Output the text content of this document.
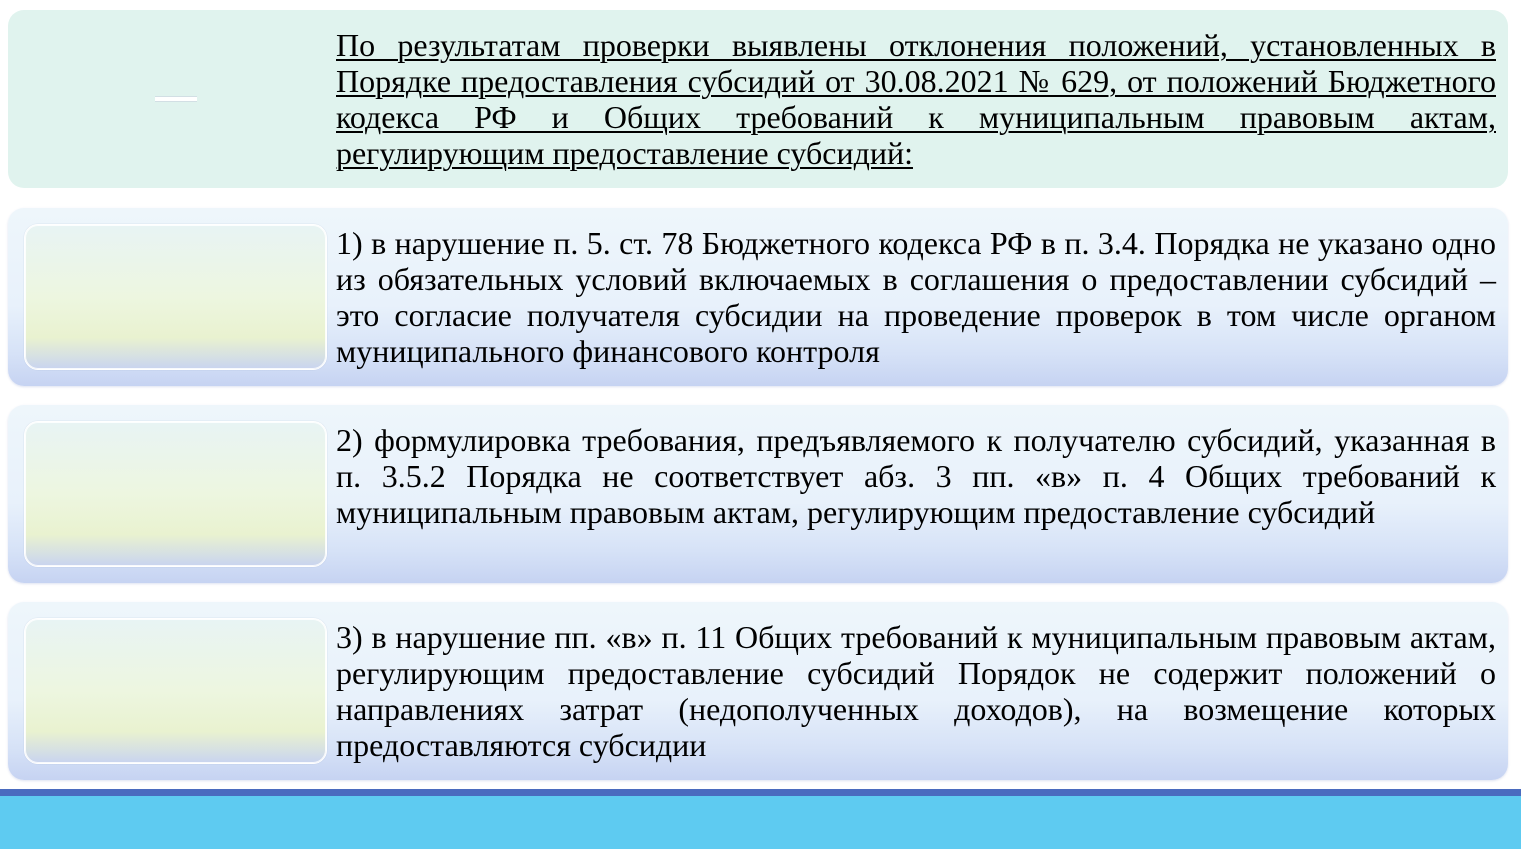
По результатам проверки выявлены отклонения положений, установленных в Порядке предоставления субсидий от 30.08.2021 № 629, от положений Бюджетного кодекса РФ и Общих требований к муниципальным правовым актам, регулирующим предоставление субсидий:
1) в нарушение п. 5. ст. 78 Бюджетного кодекса РФ в п. 3.4. Порядка не указано одно из обязательных условий включаемых в соглашения о предоставлении субсидий – это согласие получателя субсидии на проведение проверок в том числе органом муниципального финансового контроля
2) формулировка требования, предъявляемого к получателю субсидий, указанная в п. 3.5.2 Порядка не соответствует абз. 3 пп. «в» п. 4 Общих требований к муниципальным правовым актам, регулирующим предоставление субсидий
3) в нарушение пп. «в» п. 11 Общих требований к муниципальным правовым актам, регулирующим предоставление субсидий Порядок не содержит положений о направлениях затрат (недополученных доходов), на возмещение которых предоставляются субсидии
